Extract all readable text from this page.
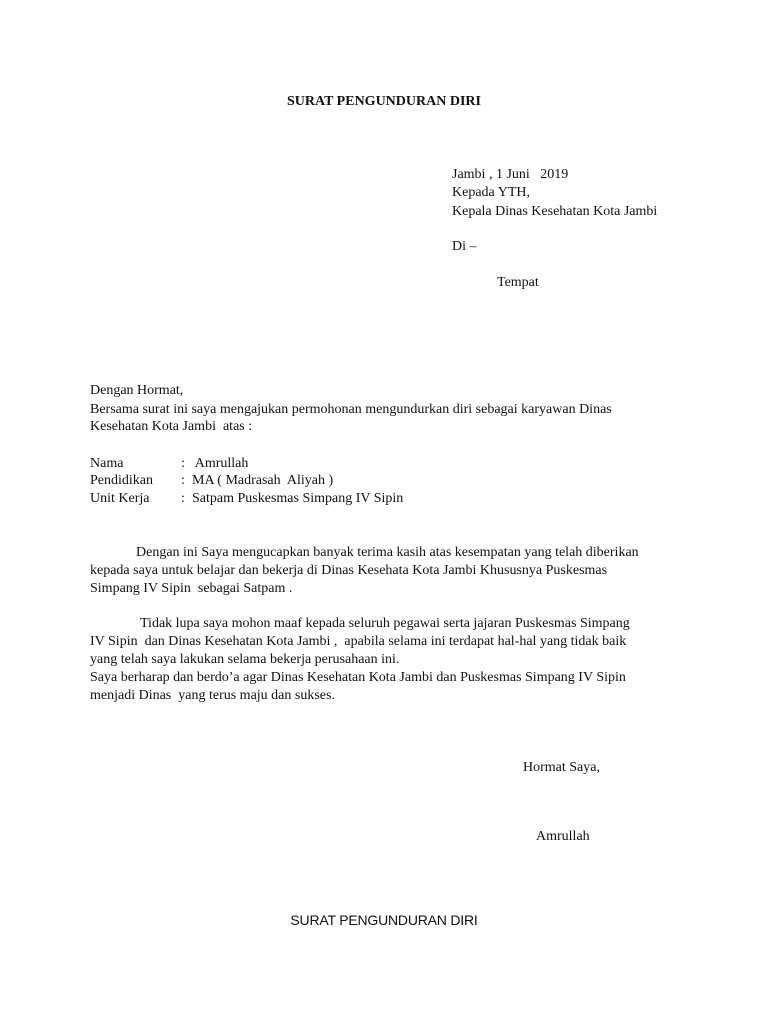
SURAT PENGUNDURAN DIRI
Jambi , 1 Juni   2019
Kepada YTH,
Kepala Dinas Kesehatan Kota Jambi
Di –
Tempat
Dengan Hormat,
Bersama surat ini saya mengajukan permohonan mengundurkan diri sebagai karyawan Dinas
Kesehatan Kota Jambi  atas :
Nama	: Amrullah
Pendidikan : MA ( Madrasah  Aliyah )
Unit Kerja : Satpam Puskesmas Simpang IV Sipin
Dengan ini Saya mengucapkan banyak terima kasih atas kesempatan yang telah diberikan
kepada saya untuk belajar dan bekerja di Dinas Kesehata Kota Jambi Khususnya Puskesmas
Simpang IV Sipin  sebagai Satpam .
Tidak lupa saya mohon maaf kepada seluruh pegawai serta jajaran Puskesmas Simpang
IV Sipin  dan Dinas Kesehatan Kota Jambi ,  apabila selama ini terdapat hal-hal yang tidak baik
yang telah saya lakukan selama bekerja perusahaan ini.
Saya berharap dan berdo’a agar Dinas Kesehatan Kota Jambi dan Puskesmas Simpang IV Sipin
menjadi Dinas  yang terus maju dan sukses.
Hormat Saya,
Amrullah
SURAT PENGUNDURAN DIRI
